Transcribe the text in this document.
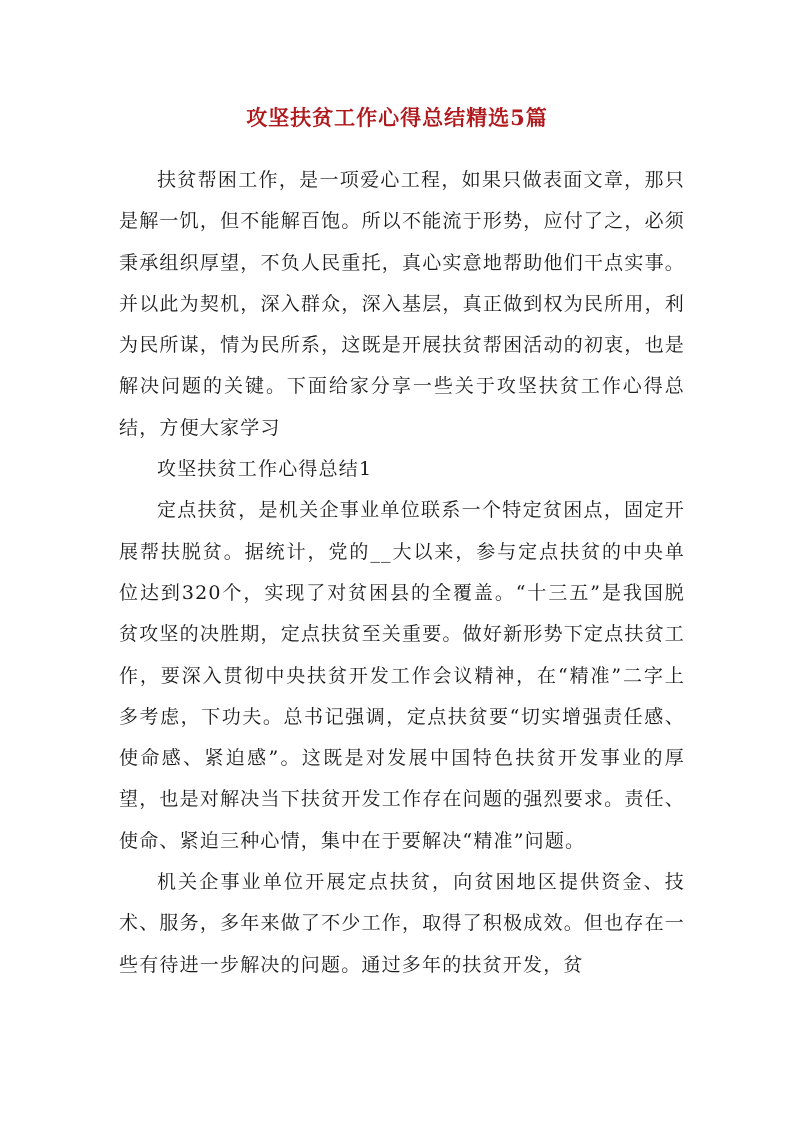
攻坚扶贫工作心得总结精选5篇

扶贫帮困工作，是一项爱心工程，如果只做表面文章，那只是解一饥，但不能解百饱。所以不能流于形势，应付了之，必须秉承组织厚望，不负人民重托，真心实意地帮助他们干点实事。并以此为契机，深入群众，深入基层，真正做到权为民所用，利为民所谋，情为民所系，这既是开展扶贫帮困活动的初衷，也是解决问题的关键。下面给家分享一些关于攻坚扶贫工作心得总结，方便大家学习

攻坚扶贫工作心得总结1

定点扶贫，是机关企事业单位联系一个特定贫困点，固定开展帮扶脱贫。据统计，党的__大以来，参与定点扶贫的中央单位达到320个，实现了对贫困县的全覆盖。“十三五”是我国脱贫攻坚的决胜期，定点扶贫至关重要。做好新形势下定点扶贫工作，要深入贯彻中央扶贫开发工作会议精神，在“精准”二字上多考虑，下功夫。总书记强调，定点扶贫要“切实增强责任感、使命感、紧迫感”。这既是对发展中国特色扶贫开发事业的厚望，也是对解决当下扶贫开发工作存在问题的强烈要求。责任、使命、紧迫三种心情，集中在于要解决“精准”问题。

机关企事业单位开展定点扶贫，向贫困地区提供资金、技术、服务，多年来做了不少工作，取得了积极成效。但也存在一些有待进一步解决的问题。通过多年的扶贫开发，贫
